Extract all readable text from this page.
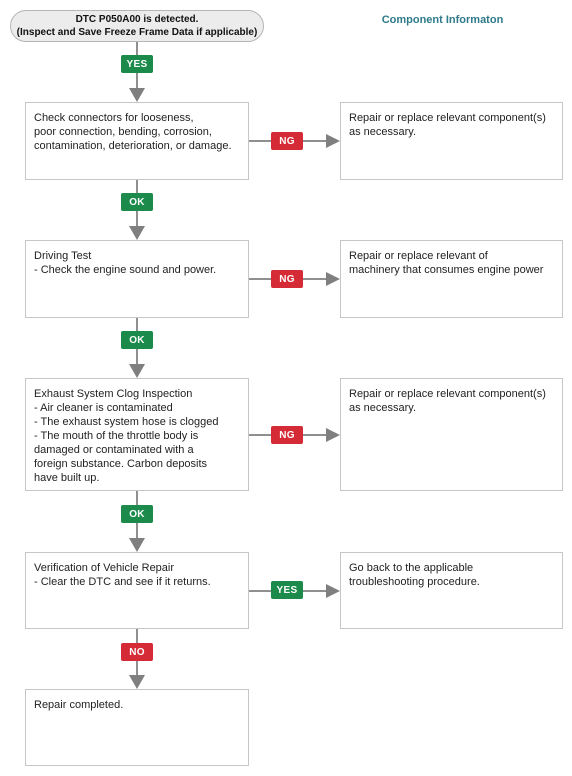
DTC P050A00 is detected.
(Inspect and Save Freeze Frame Data if applicable)
Component Informaton
YES
Check connectors for looseness,
poor connection, bending, corrosion,
contamination, deterioration, or damage.	NG
Repair or replace relevant component(s)
as necessary.
OK
Driving Test
- Check the engine sound and power.
NG
Repair or replace relevant of
machinery that consumes engine power
OK
Exhaust System Clog Inspection
- Air cleaner is contaminated
- The exhaust system hose is clogged
- The mouth of the throttle body is
damaged or contaminated with a
foreign substance. Carbon deposits
have built up.
NG
Repair or replace relevant component(s)
as necessary.
OK
Verification of Vehicle Repair
- Clear the DTC and see if it returns.
YES
Go back to the applicable
troubleshooting procedure.
NO
Repair completed.
